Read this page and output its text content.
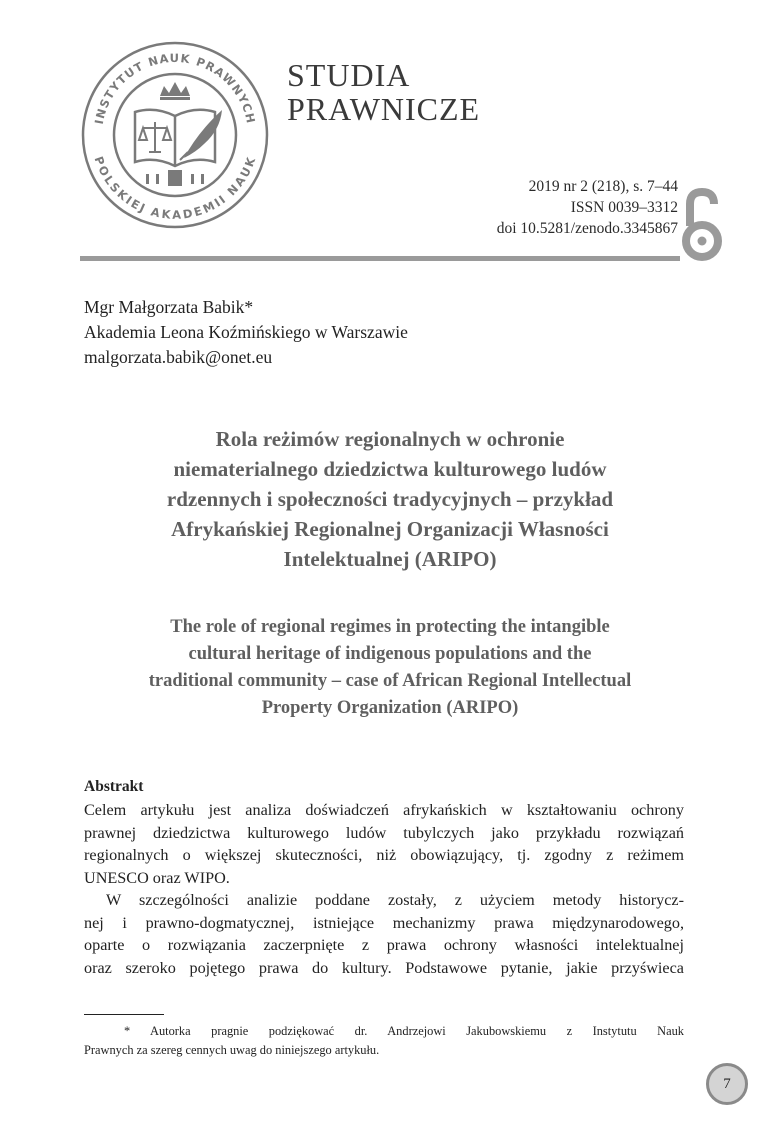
INSTYTUT NAUK PRAWNYCH
POLSKIEJ AKADEMII NAUK
STUDIA
PRAWNICZE
2019 nr 2 (218), s. 7–44
ISSN 0039–3312
doi 10.5281/zenodo.3345867
Mgr Małgorzata Babik*
Akademia Leona Koźmińskiego w Warszawie
malgorzata.babik@onet.eu
Rola reżimów regionalnych w ochronie
niematerialnego dziedzictwa kulturowego ludów
rdzennych i społeczności tradycyjnych – przykład
Afrykańskiej Regionalnej Organizacji Własności
Intelektualnej (ARIPO)
The role of regional regimes in protecting the intangible
cultural heritage of indigenous populations and the
traditional community – case of African Regional Intellectual
Property Organization (ARIPO)
Abstrakt
Celem artykułu jest analiza doświadczeń afrykańskich w kształtowaniu ochrony
prawnej dziedzictwa kulturowego ludów tubylczych jako przykładu rozwiązań
regionalnych o większej skuteczności, niż obowiązujący, tj. zgodny z reżimem
UNESCO oraz WIPO.
W szczególności analizie poddane zostały, z użyciem metody historycz-
nej i prawno-dogmatycznej, istniejące mechanizmy prawa międzynarodowego,
oparte o rozwiązania zaczerpnięte z prawa ochrony własności intelektualnej
oraz szeroko pojętego prawa do kultury. Podstawowe pytanie, jakie przyświeca
* Autorka pragnie podziękować dr. Andrzejowi Jakubowskiemu z Instytutu Nauk
Prawnych za szereg cennych uwag do niniejszego artykułu.
7
